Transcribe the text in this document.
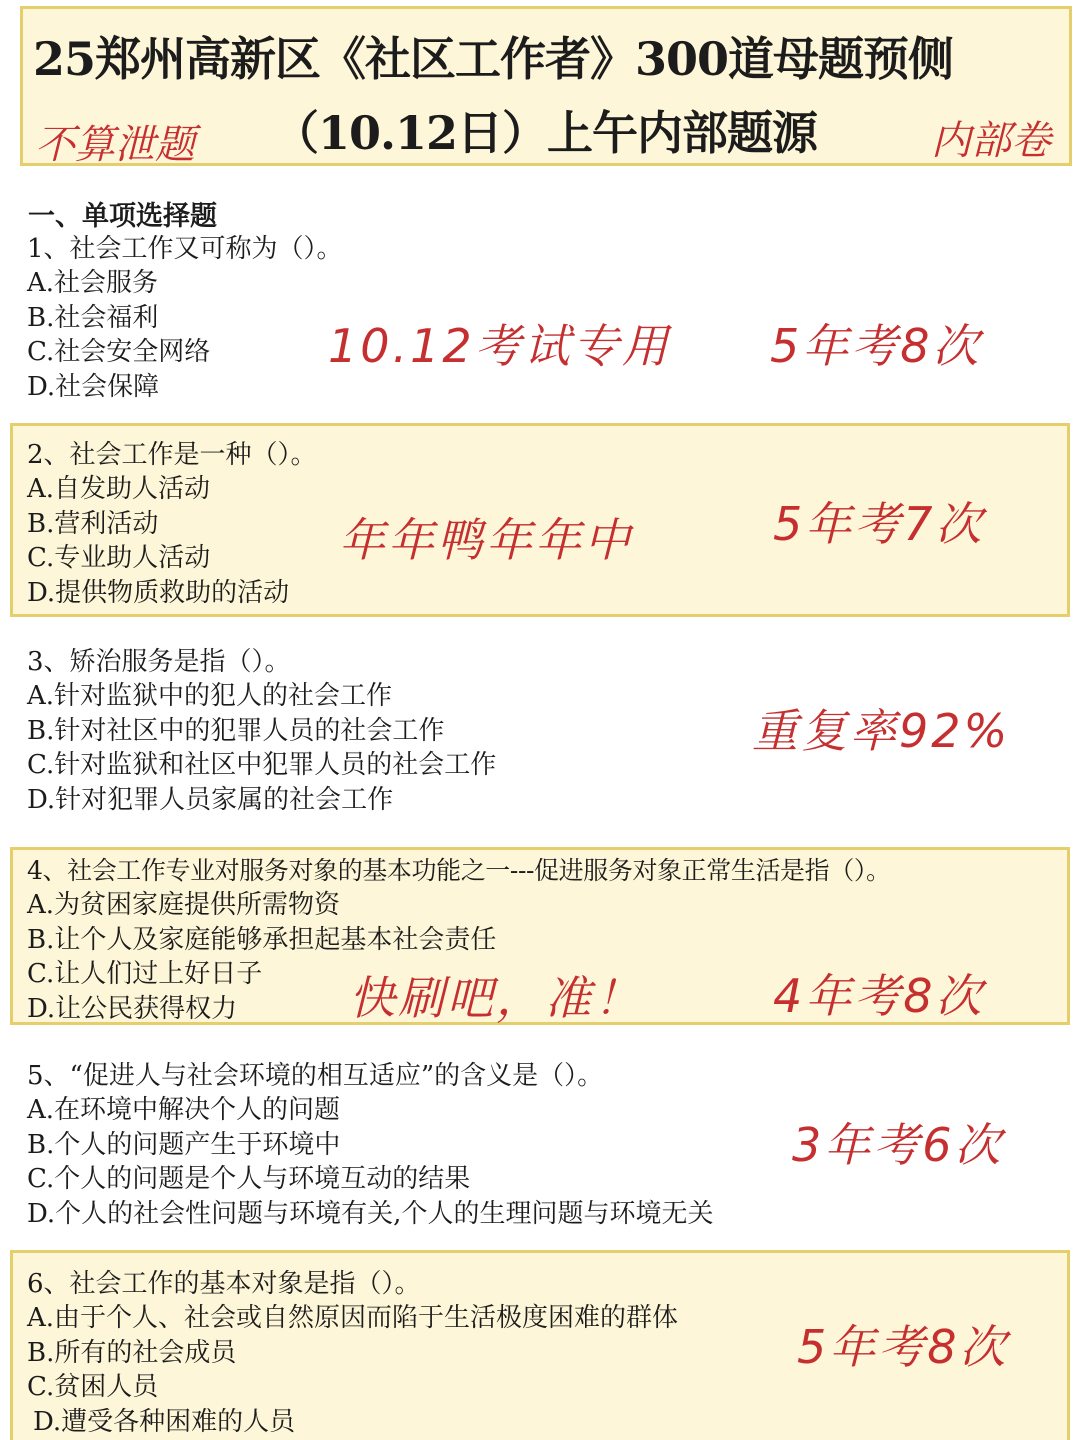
25郑州高新区《社区工作者》300道母题预侧
不算泄题 （10.12日）上午内部题源	内部卷
一、单项选择题
1、社会工作又可称为（）。
A.社会服务
B.社会福利
C.社会安全网络
D.社会保障
10.12考试专用 5年考8次
2、社会工作是一种（）。
A.自发助人活动
B.营利活动
C.专业助人活动
D.提供物质救助的活动
年年鸭年年中	5年考7次
3、矫治服务是指（）。
A.针对监狱中的犯人的社会工作
B.针对社区中的犯罪人员的社会工作
C.针对监狱和社区中犯罪人员的社会工作
D.针对犯罪人员家属的社会工作
重复率92%
4、社会工作专业对服务对象的基本功能之一---促进服务对象正常生活是指（）。
A.为贫困家庭提供所需物资
B.让个人及家庭能够承担起基本社会责任
C.让人们过上好日子
D.让公民获得权力	快刷吧，准！	4年考8次
5、“促进人与社会环境的相互适应”的含义是（）。
A.在环境中解决个人的问题
B.个人的问题产生于环境中
C.个人的问题是个人与环境互动的结果
D.个人的社会性问题与环境有关,个人的生理问题与环境无关
3年考6次
6、社会工作的基本对象是指（）。
A.由于个人、社会或自然原因而陷于生活极度困难的群体
B.所有的社会成员
C.贫困人员
D.遭受各种困难的人员
5年考8次
